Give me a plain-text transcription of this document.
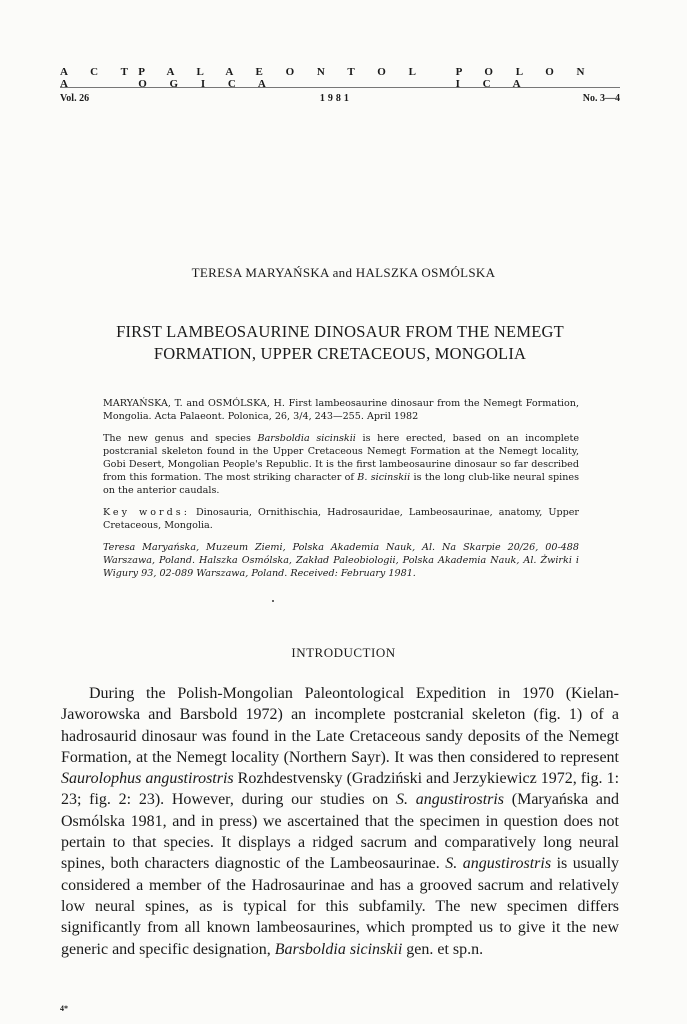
A C T A
P A L A E O N T O L O G I C A
P O L O N I C A
Vol. 26	1981	No. 3—4
TERESA MARYAŃSKA and HALSZKA OSMÓLSKA
FIRST LAMBEOSAURINE DINOSAUR FROM THE NEMEGT
FORMATION, UPPER CRETACEOUS, MONGOLIA
MARYAŃSKA, T. and OSMÓLSKA, H. First lambeosaurine dinosaur from the Nemegt Formation, Mongolia. Acta Palaeont. Polonica, 26, 3/4, 243—255. April 1982
The new genus and species Barsboldia sicinskii is here erected, based on an incomplete postcranial skeleton found in the Upper Cretaceous Nemegt Formation at the Nemegt locality, Gobi Desert, Mongolian People's Republic. It is the first lambeosaurine dinosaur so far described from this formation. The most striking character of B. sicinskii is the long club-like neural spines on the anterior caudals.
Key words: Dinosauria, Ornithischia, Hadrosauridae, Lambeosaurinae, anatomy, Upper Cretaceous, Mongolia.
Teresa Maryańska, Muzeum Ziemi, Polska Akademia Nauk, Al. Na Skarpie 20/26, 00-488 Warszawa, Poland. Halszka Osmólska, Zakład Paleobiologii, Polska Akademia Nauk, Al. Żwirki i Wigury 93, 02-089 Warszawa, Poland. Received: February 1981.
INTRODUCTION

During the Polish-Mongolian Paleontological Expedition in 1970 (Kielan-Jaworowska and Barsbold 1972) an incomplete postcranial skeleton (fig. 1) of a hadrosaurid dinosaur was found in the Late Cretaceous sandy deposits of the Nemegt Formation, at the Nemegt locality (Northern Sayr). It was then considered to represent Saurolophus angustirostris Rozhdestvensky (Gradziński and Jerzykiewicz 1972, fig. 1: 23; fig. 2: 23). However, during our studies on S. angustirostris (Maryańska and Osmólska 1981, and in press) we ascertained that the specimen in question does not pertain to that species. It displays a ridged sacrum and comparatively long neural spines, both characters diagnostic of the Lambeosaurinae. S. angustirostris is usually considered a member of the Hadrosaurinae and has a grooved sacrum and relatively low neural spines, as is typical for this subfamily. The new specimen differs significantly from all known lambeosaurines, which prompted us to give it the new generic and specific designation, Barsboldia sicinskii gen. et sp.n.

4*
